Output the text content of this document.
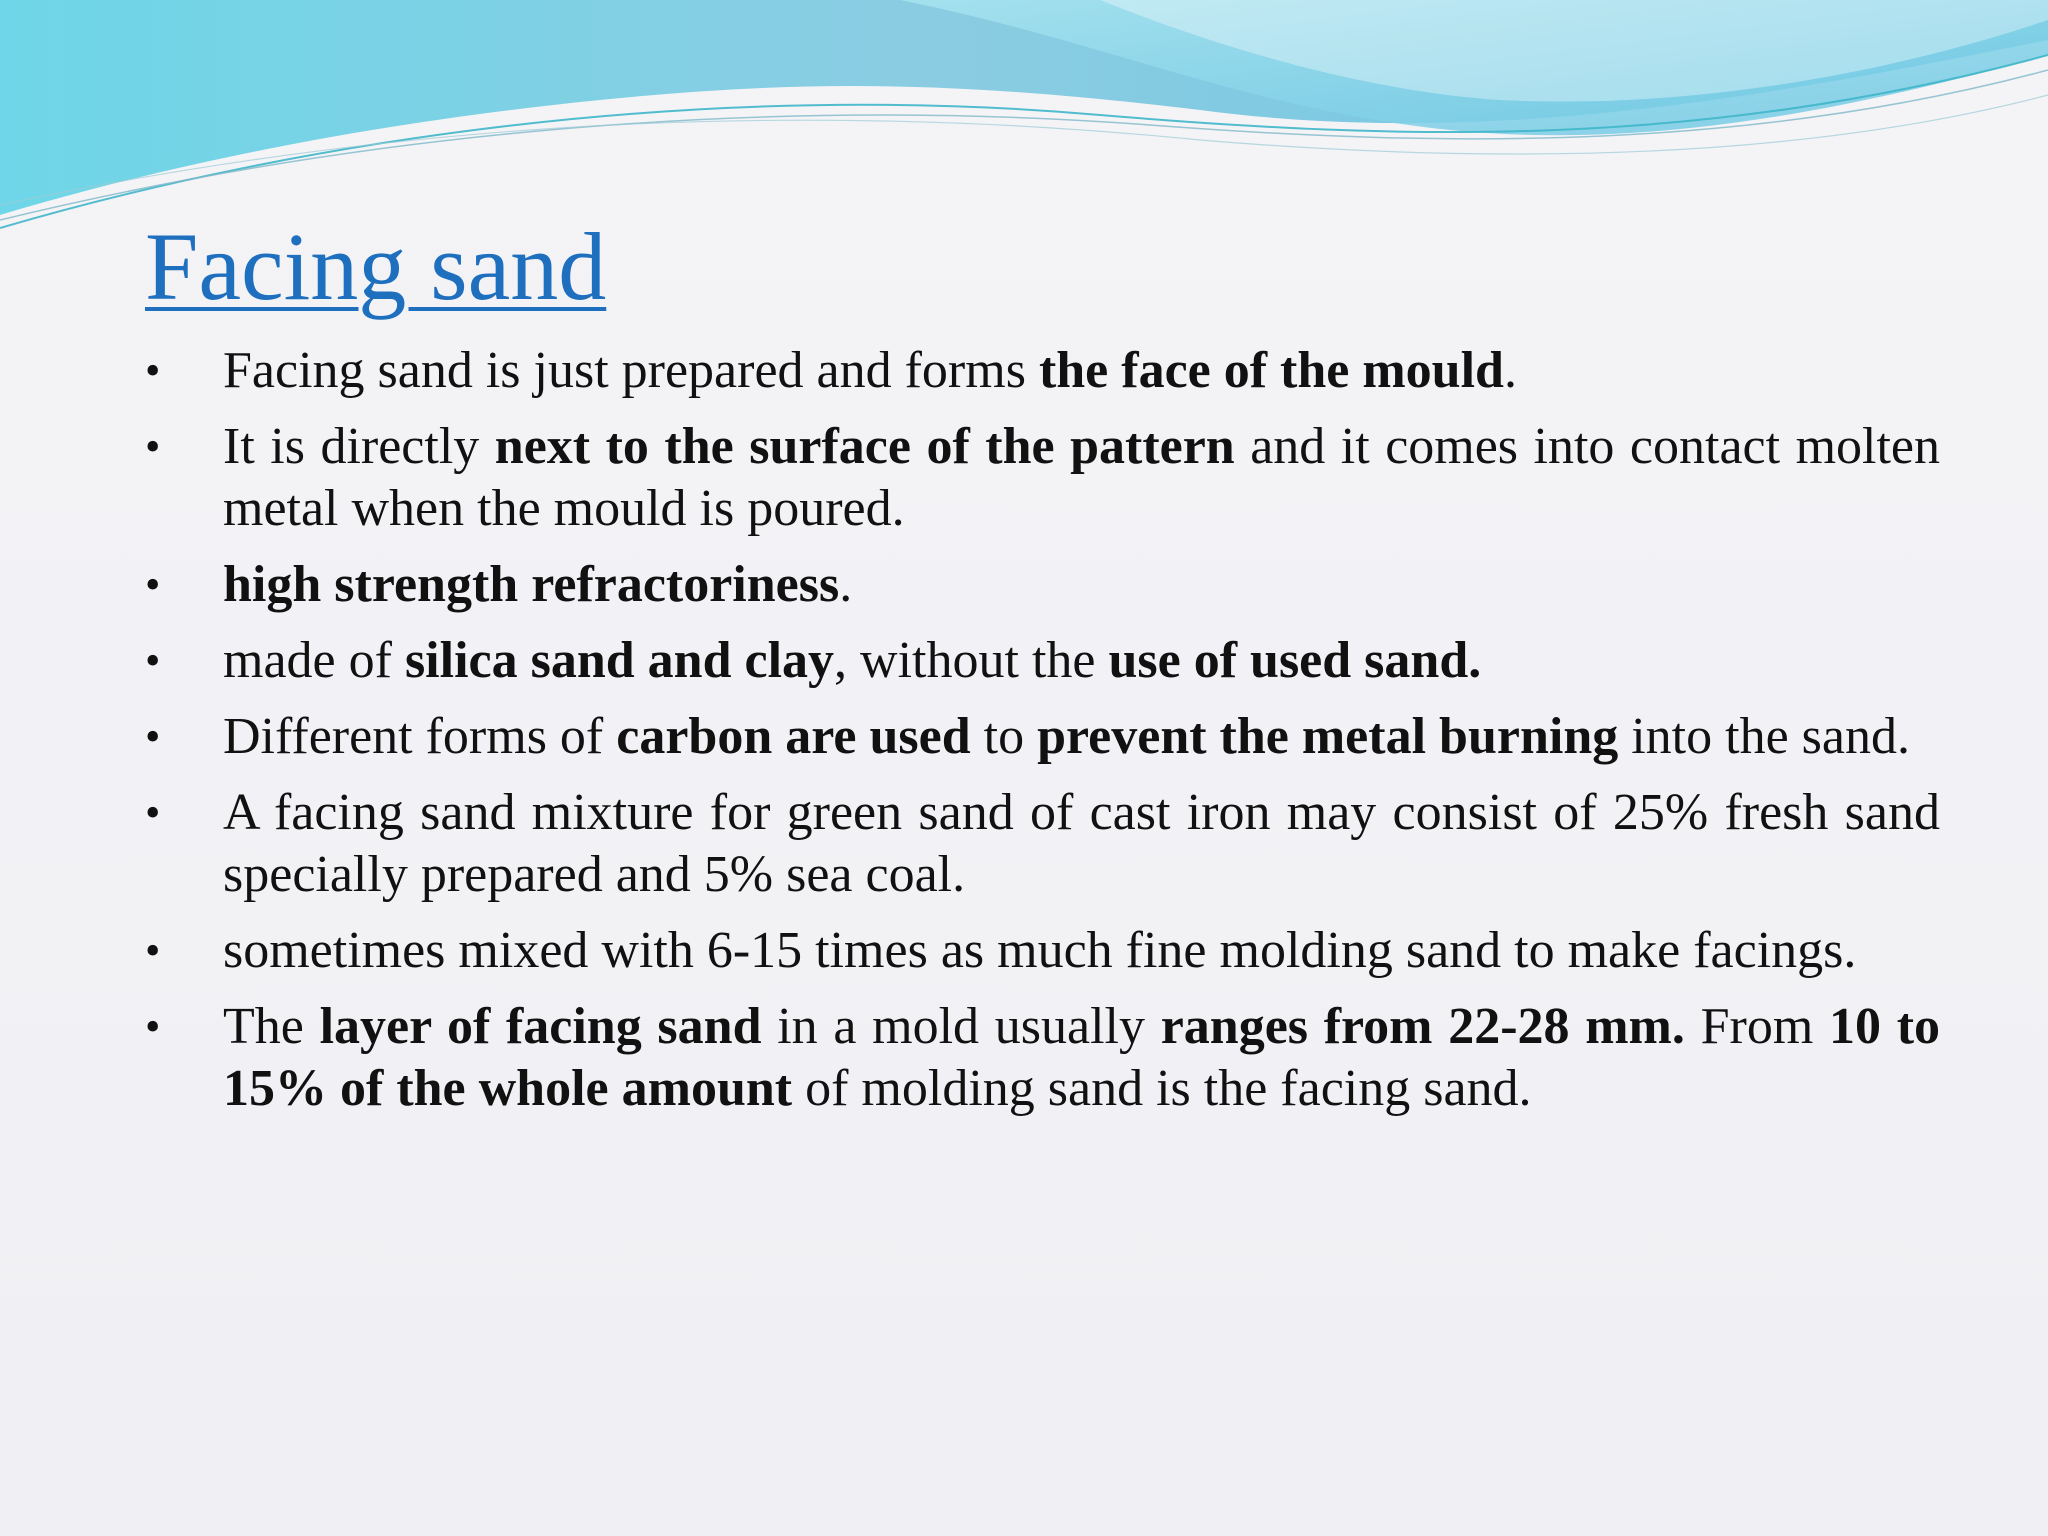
Facing sand
•	Facing sand is just prepared and forms the face of the mould.
•	It is directly next to the surface of the pattern and it comes into contact molten metal when the mould is poured.
•	high strength refractoriness.
•	made of silica sand and clay, without the use of used sand.
•	Different forms of carbon are used to prevent the metal burning into the sand.
•	A facing sand mixture for green sand of cast iron may consist of 25% fresh sand specially prepared and 5% sea coal.
•	sometimes mixed with 6-15 times as much fine molding sand to make facings.
•	The layer of facing sand in a mold usually ranges from 22-28 mm. From 10 to 15% of the whole amount of molding sand is the facing sand.
